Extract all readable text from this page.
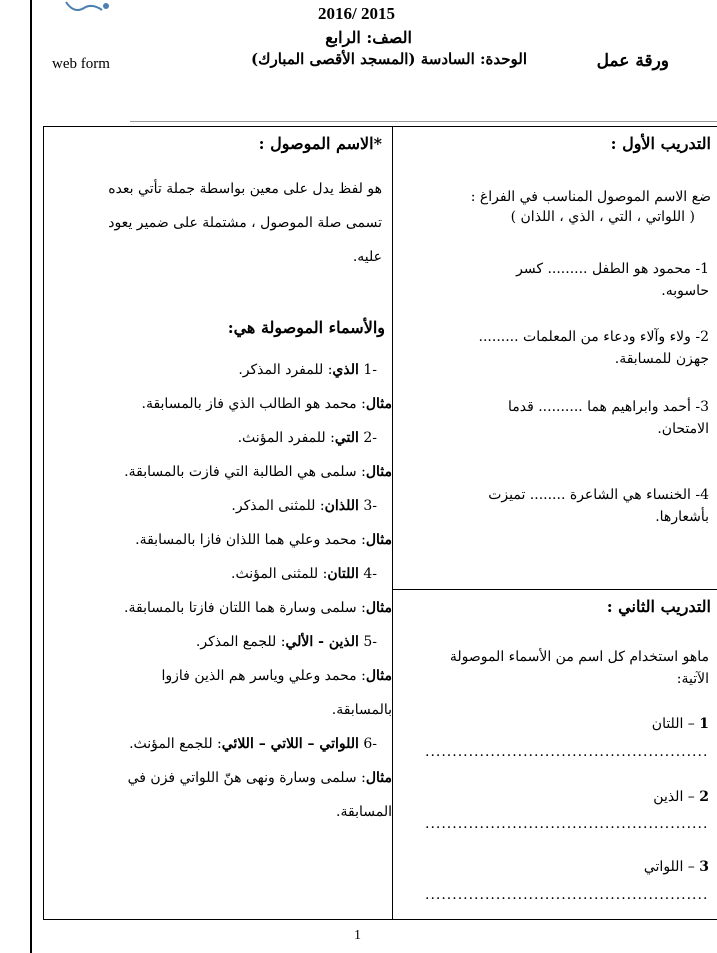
2016/ 2015
الصف: الرابع
الوحدة: السادسة (المسجد الأقصى المبارك)	ورقة عمل
web form
*الاسم الموصول :
هو لفظ يدل على معين بواسطة جملة تأتي بعده
تسمى صلة الموصول ، مشتملة على ضمير يعود
عليه.
والأسماء الموصولة هي:
-1 الذي: للمفرد المذكر.
مثال: محمد هو الطالب الذي فاز بالمسابقة.
-2 التي: للمفرد المؤنث.
مثال: سلمى هي الطالبة التي فازت بالمسابقة.
-3 اللذان: للمثنى المذكر.
مثال: محمد وعلي هما اللذان فازا بالمسابقة.
-4 اللتان: للمثنى المؤنث.
مثال: سلمى وسارة هما اللتان فازتا بالمسابقة.
-5 الذين - الألي: للجمع المذكر.
مثال: محمد وعلي وياسر هم الذين فازوا
بالمسابقة.
-6 اللواتي – اللاتي – اللائي: للجمع المؤنث.
مثال: سلمى وسارة ونهى هنّ اللواتي فزن في
المسابقة.
التدريب الأول :
ضع الاسم الموصول المناسب في الفراغ :
( اللواتي ، التي ، الذي ، اللذان )
1- محمود هو الطفل ......... كسر
حاسوبه.
2- ولاء وآلاء ودعاء من المعلمات .........
جهزن للمسابقة.
3- أحمد وابراهيم هما .......... قدما
الامتحان.
4- الخنساء هي الشاعرة ........ تميزت
بأشعارها.
التدريب الثاني :
ماهو استخدام كل اسم من الأسماء الموصولة
الآتية:
1 – اللتان
....................................................
2 – الذين
....................................................
3 – اللواتي
....................................................
1
